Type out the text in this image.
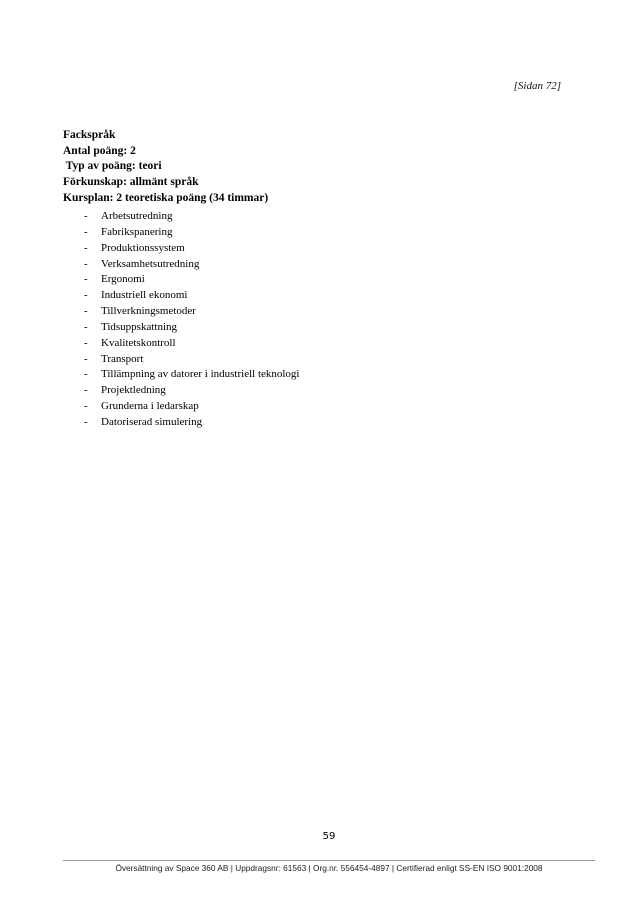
[Sidan 72]
Fackspråk
Antal poäng: 2
Typ av poäng: teori
Förkunskap: allmänt språk
Kursplan: 2 teoretiska poäng (34 timmar)
- Arbetsutredning
- Fabrikspanering
- Produktionssystem
- Verksamhetsutredning
- Ergonomi
- Industriell ekonomi
- Tillverkningsmetoder
- Tidsuppskattning
- Kvalitetskontroll
- Transport
- Tillämpning av datorer i industriell teknologi
- Projektledning
- Grunderna i ledarskap
- Datoriserad simulering
59
Översättning av Space 360 AB | Uppdragsnr: 61563 | Org.nr. 556454-4897 | Certifierad enligt SS-EN ISO 9001:2008
